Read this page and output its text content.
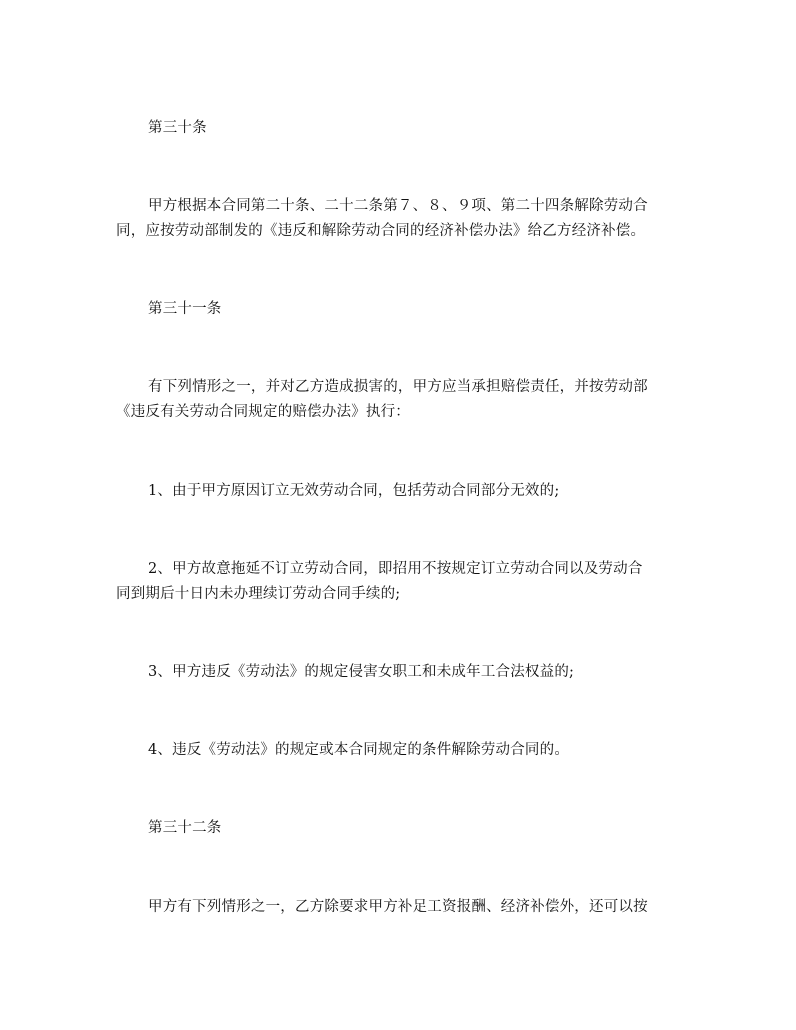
第三十条
甲方根据本合同第二十条、二十二条第７、８、９项、第二十四条解除劳动合
同，应按劳动部制发的《违反和解除劳动合同的经济补偿办法》给乙方经济补偿。
第三十一条
有下列情形之一，并对乙方造成损害的，甲方应当承担赔偿责任，并按劳动部
《违反有关劳动合同规定的赔偿办法》执行：
1、由于甲方原因订立无效劳动合同，包括劳动合同部分无效的;
2、甲方故意拖延不订立劳动合同，即招用不按规定订立劳动合同以及劳动合
同到期后十日内未办理续订劳动合同手续的;
3、甲方违反《劳动法》的规定侵害女职工和未成年工合法权益的;
4、违反《劳动法》的规定或本合同规定的条件解除劳动合同的。
第三十二条
甲方有下列情形之一，乙方除要求甲方补足工资报酬、经济补偿外，还可以按
